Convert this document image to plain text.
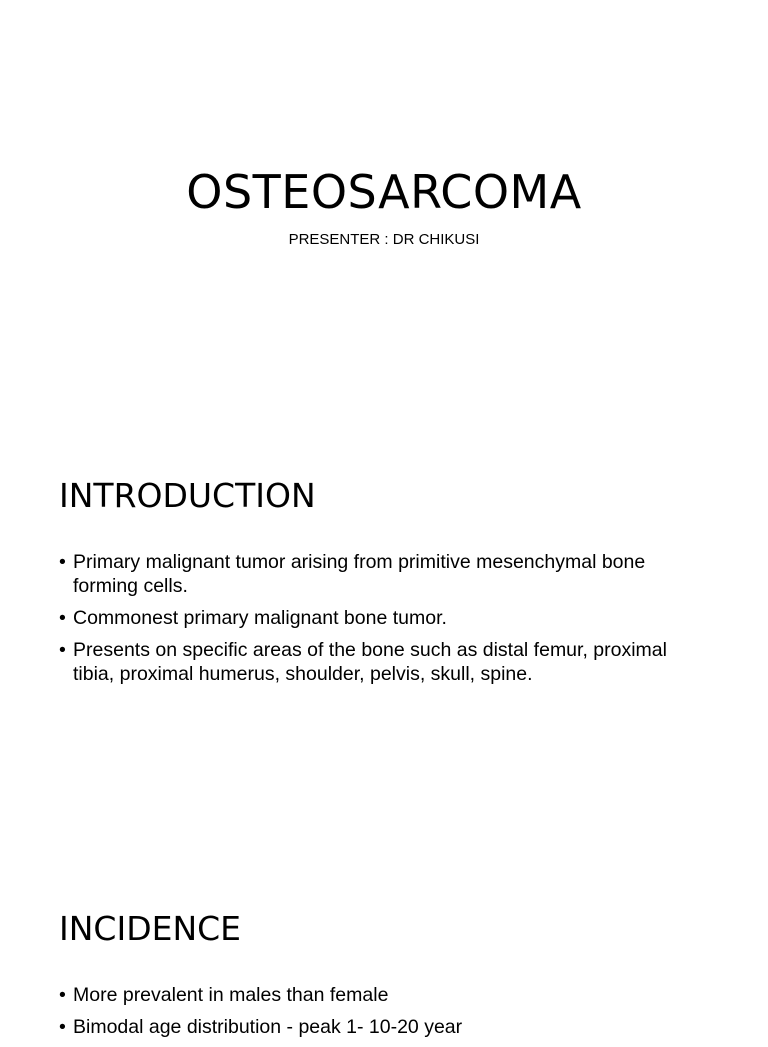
OSTEOSARCOMA

PRESENTER : DR CHIKUSI

INTRODUCTION
• Primary malignant tumor arising from primitive mesenchymal bone forming cells.
• Commonest primary malignant bone tumor.
• Presents on specific areas of the bone such as distal femur, proximal tibia, proximal humerus, shoulder, pelvis, skull, spine.
INCIDENCE
• More prevalent in males than female
• Bimodal age distribution - peak 1- 10-20 year
